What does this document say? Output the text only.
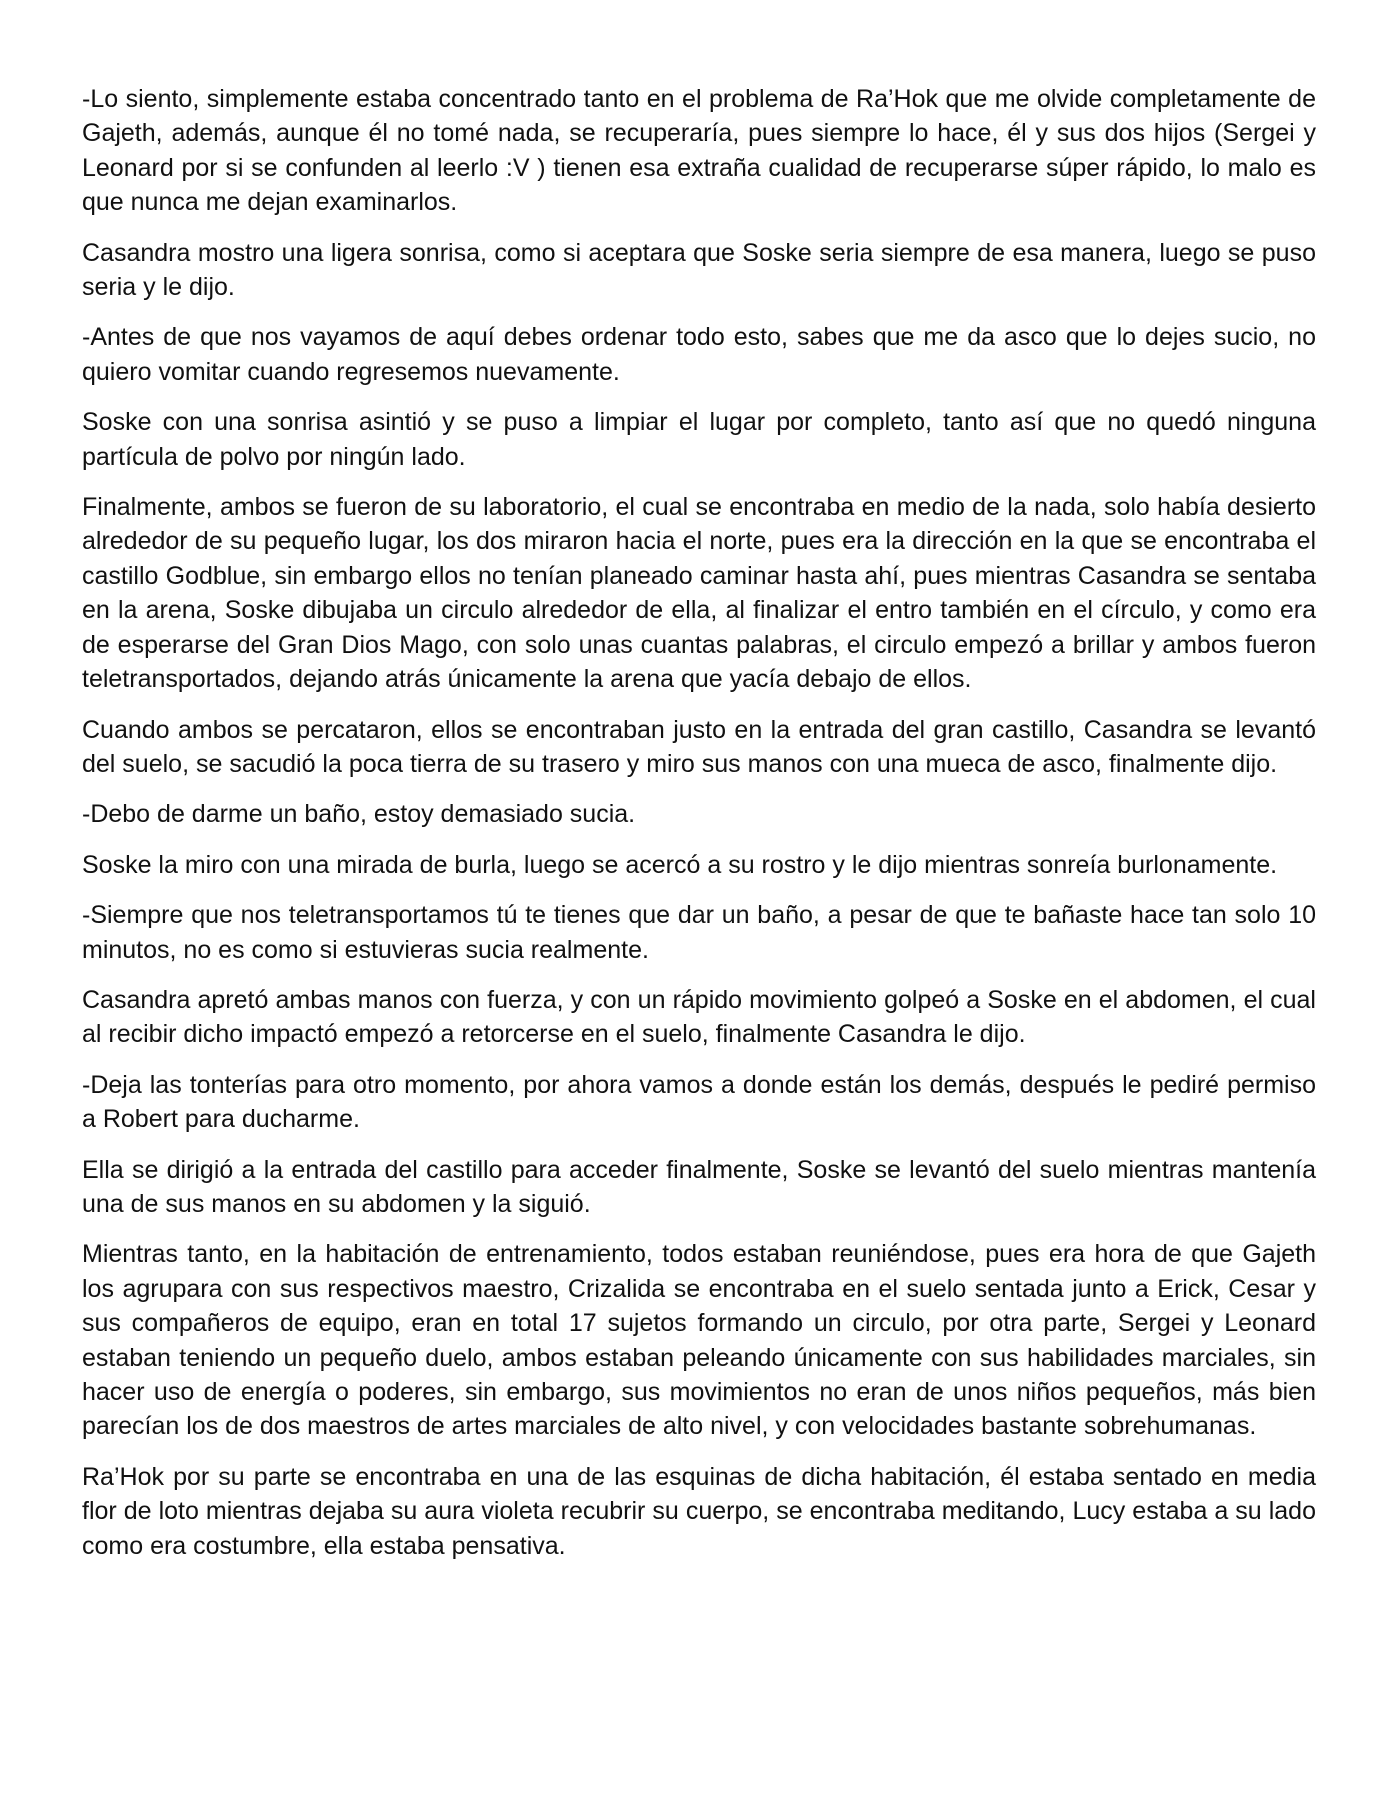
-Lo siento, simplemente estaba concentrado tanto en el problema de Ra’Hok que me olvide completamente de Gajeth, además, aunque él no tomé nada, se recuperaría, pues siempre lo hace, él y sus dos hijos (Sergei y Leonard por si se confunden al leerlo :V ) tienen esa extraña cualidad de recuperarse súper rápido, lo malo es que nunca me dejan examinarlos.

Casandra mostro una ligera sonrisa, como si aceptara que Soske seria siempre de esa manera, luego se puso seria y le dijo.

-Antes de que nos vayamos de aquí debes ordenar todo esto, sabes que me da asco que lo dejes sucio, no quiero vomitar cuando regresemos nuevamente.

Soske con una sonrisa asintió y se puso a limpiar el lugar por completo, tanto así que no quedó ninguna partícula de polvo por ningún lado.

Finalmente, ambos se fueron de su laboratorio, el cual se encontraba en medio de la nada, solo había desierto alrededor de su pequeño lugar, los dos miraron hacia el norte, pues era la dirección en la que se encontraba el castillo Godblue, sin embargo ellos no tenían planeado caminar hasta ahí, pues mientras Casandra se sentaba en la arena, Soske dibujaba un circulo alrededor de ella, al finalizar el entro también en el círculo, y como era de esperarse del Gran Dios Mago, con solo unas cuantas palabras, el circulo empezó a brillar y ambos fueron teletransportados, dejando atrás únicamente la arena que yacía debajo de ellos.

Cuando ambos se percataron, ellos se encontraban justo en la entrada del gran castillo, Casandra se levantó del suelo, se sacudió la poca tierra de su trasero y miro sus manos con una mueca de asco, finalmente dijo.

-Debo de darme un baño, estoy demasiado sucia.

Soske la miro con una mirada de burla, luego se acercó a su rostro y le dijo mientras sonreía burlonamente.

-Siempre que nos teletransportamos tú te tienes que dar un baño, a pesar de que te bañaste hace tan solo 10 minutos, no es como si estuvieras sucia realmente.

Casandra apretó ambas manos con fuerza, y con un rápido movimiento golpeó a Soske en el abdomen, el cual al recibir dicho impactó empezó a retorcerse en el suelo, finalmente Casandra le dijo.

-Deja las tonterías para otro momento, por ahora vamos a donde están los demás, después le pediré permiso a Robert para ducharme.

Ella se dirigió a la entrada del castillo para acceder finalmente, Soske se levantó del suelo mientras mantenía una de sus manos en su abdomen y la siguió.

Mientras tanto, en la habitación de entrenamiento, todos estaban reuniéndose, pues era hora de que Gajeth los agrupara con sus respectivos maestro, Crizalida se encontraba en el suelo sentada junto a Erick, Cesar y sus compañeros de equipo, eran en total 17 sujetos formando un circulo, por otra parte, Sergei y Leonard estaban teniendo un pequeño duelo, ambos estaban peleando únicamente con sus habilidades marciales, sin hacer uso de energía o poderes, sin embargo, sus movimientos no eran de unos niños pequeños, más bien parecían los de dos maestros de artes marciales de alto nivel, y con velocidades bastante sobrehumanas.

Ra’Hok por su parte se encontraba en una de las esquinas de dicha habitación, él estaba sentado en media flor de loto mientras dejaba su aura violeta recubrir su cuerpo, se encontraba meditando, Lucy estaba a su lado como era costumbre, ella estaba pensativa.
